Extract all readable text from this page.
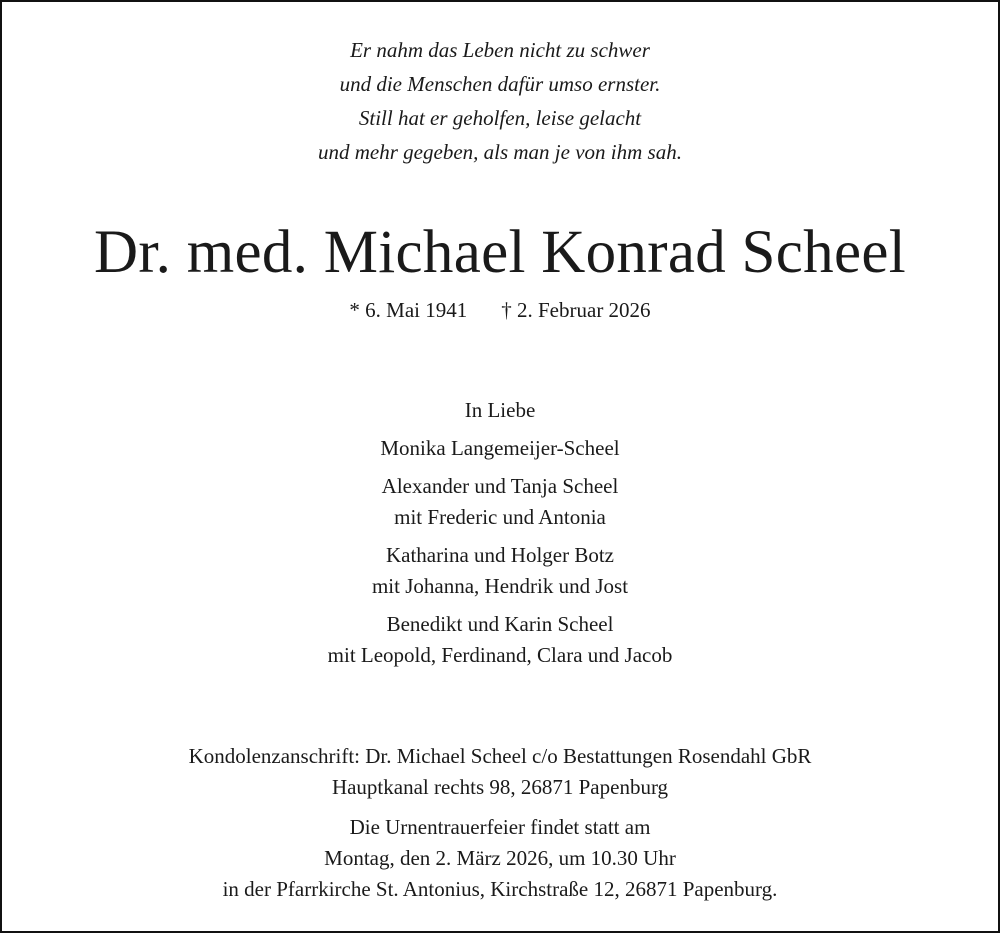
Er nahm das Leben nicht zu schwer
und die Menschen dafür umso ernster.
Still hat er geholfen, leise gelacht
und mehr gegeben, als man je von ihm sah.
Dr. med. Michael Konrad Scheel
* 6. Mai 1941 † 2. Februar 2026
In Liebe
Monika Langemeijer-Scheel
Alexander und Tanja Scheel
mit Frederic und Antonia
Katharina und Holger Botz
mit Johanna, Hendrik und Jost
Benedikt und Karin Scheel
mit Leopold, Ferdinand, Clara und Jacob
Kondolenzanschrift: Dr. Michael Scheel c/o Bestattungen Rosendahl GbR
Hauptkanal rechts 98, 26871 Papenburg
Die Urnentrauerfeier findet statt am
Montag, den 2. März 2026, um 10.30 Uhr
in der Pfarrkirche St. Antonius, Kirchstraße 12, 26871 Papenburg.
